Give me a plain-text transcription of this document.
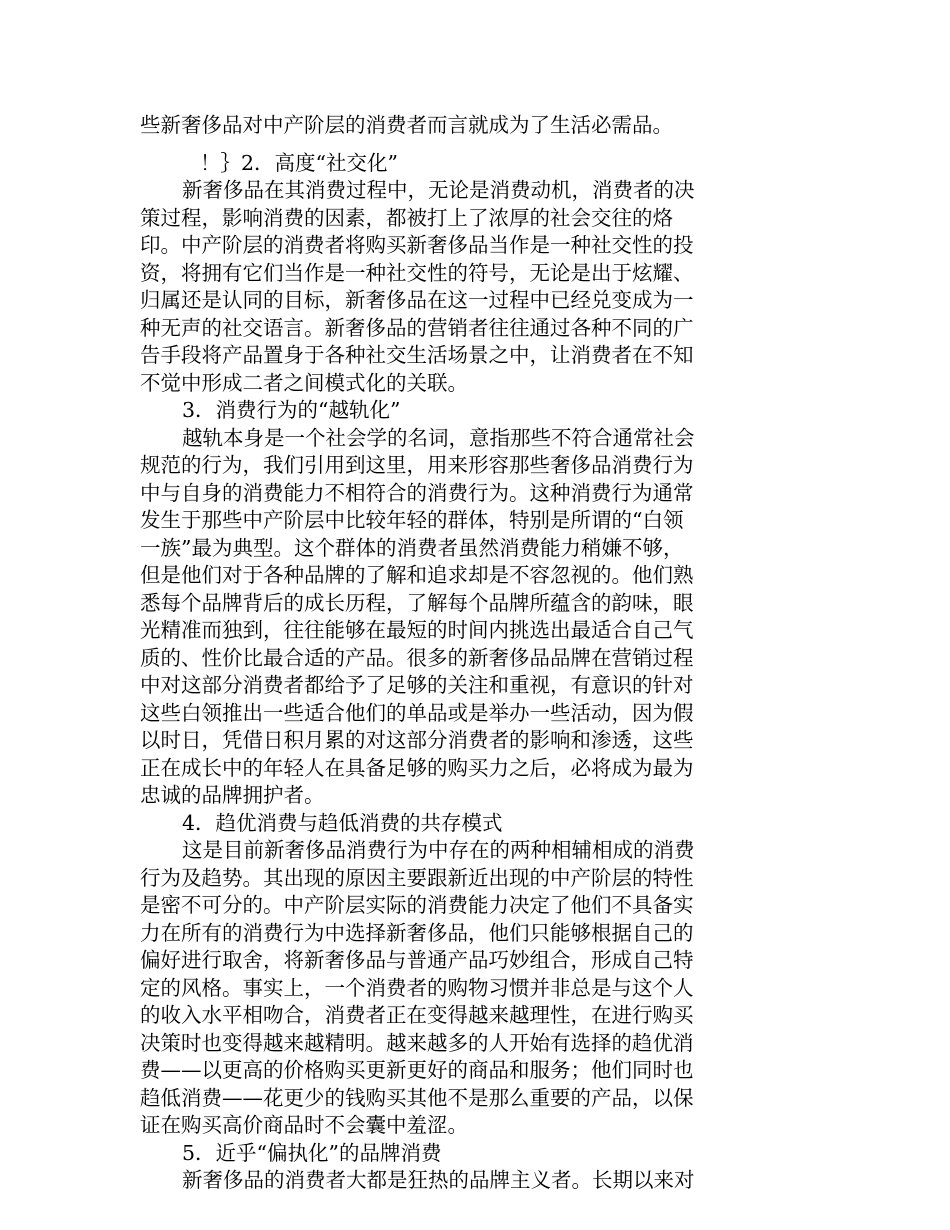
些新奢侈品对中产阶层的消费者而言就成为了生活必需品。
！｝2．高度“社交化”
新奢侈品在其消费过程中，无论是消费动机，消费者的决
策过程，影响消费的因素，都被打上了浓厚的社会交往的烙
印。中产阶层的消费者将购买新奢侈品当作是一种社交性的投
资，将拥有它们当作是一种社交性的符号，无论是出于炫耀、
归属还是认同的目标，新奢侈品在这一过程中已经兑变成为一
种无声的社交语言。新奢侈品的营销者往往通过各种不同的广
告手段将产品置身于各种社交生活场景之中，让消费者在不知
不觉中形成二者之间模式化的关联。
3．消费行为的“越轨化”
越轨本身是一个社会学的名词，意指那些不符合通常社会
规范的行为，我们引用到这里，用来形容那些奢侈品消费行为
中与自身的消费能力不相符合的消费行为。这种消费行为通常
发生于那些中产阶层中比较年轻的群体，特别是所谓的“白领
一族”最为典型。这个群体的消费者虽然消费能力稍嫌不够，
但是他们对于各种品牌的了解和追求却是不容忽视的。他们熟
悉每个品牌背后的成长历程，了解每个品牌所蕴含的韵味，眼
光精准而独到，往往能够在最短的时间内挑选出最适合自己气
质的、性价比最合适的产品。很多的新奢侈品品牌在营销过程
中对这部分消费者都给予了足够的关注和重视，有意识的针对
这些白领推出一些适合他们的单品或是举办一些活动，因为假
以时日，凭借日积月累的对这部分消费者的影响和渗透，这些
正在成长中的年轻人在具备足够的购买力之后，必将成为最为
忠诚的品牌拥护者。
4．趋优消费与趋低消费的共存模式
这是目前新奢侈品消费行为中存在的两种相辅相成的消费
行为及趋势。其出现的原因主要跟新近出现的中产阶层的特性
是密不可分的。中产阶层实际的消费能力决定了他们不具备实
力在所有的消费行为中选择新奢侈品，他们只能够根据自己的
偏好进行取舍，将新奢侈品与普通产品巧妙组合，形成自己特
定的风格。事实上，一个消费者的购物习惯并非总是与这个人
的收入水平相吻合，消费者正在变得越来越理性，在进行购买
决策时也变得越来越精明。越来越多的人开始有选择的趋优消
费——以更高的价格购买更新更好的商品和服务；他们同时也
趋低消费——花更少的钱购买其他不是那么重要的产品，以保
证在购买高价商品时不会囊中羞涩。
5．近乎“偏执化”的品牌消费
新奢侈品的消费者大都是狂热的品牌主义者。长期以来对
